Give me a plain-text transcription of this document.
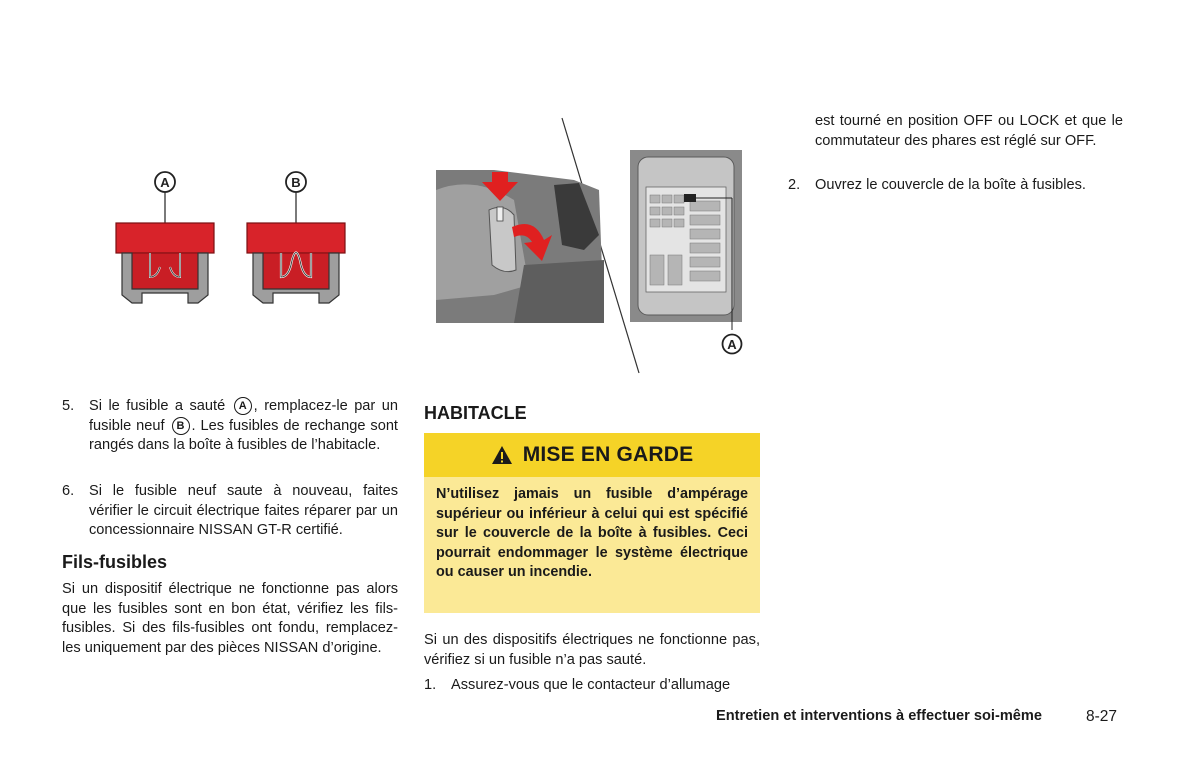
A	B
A
5. Si le fusible a sauté A , remplacez-le par un fusible neuf B . Les fusibles de rechange sont rangés dans la boîte à fusibles de l’habitacle.
6. Si le fusible neuf saute à nouveau, faites vérifier le circuit électrique faites réparer par un concessionnaire NISSAN GT-R certifié.
Fils-fusibles
Si un dispositif électrique ne fonctionne pas alors que les fusibles sont en bon état, vérifiez les fils-fusibles. Si des fils-fusibles ont fondu, remplacez-les uniquement par des pièces NISSAN d’origine.
HABITACLE
MISE EN GARDE
N’utilisez jamais un fusible d’ampérage supérieur ou inférieur à celui qui est spécifié sur le couvercle de la boîte à fusibles. Ceci pourrait endommager le système électrique ou causer un incendie.
Si un des dispositifs électriques ne fonctionne pas, vérifiez si un fusible n’a pas sauté.
1. Assurez-vous que le contacteur d’allumage
est tourné en position OFF ou LOCK et que le commutateur des phares est réglé sur OFF.
2. Ouvrez le couvercle de la boîte à fusibles.
Entretien et interventions à effectuer soi-même	8-27
